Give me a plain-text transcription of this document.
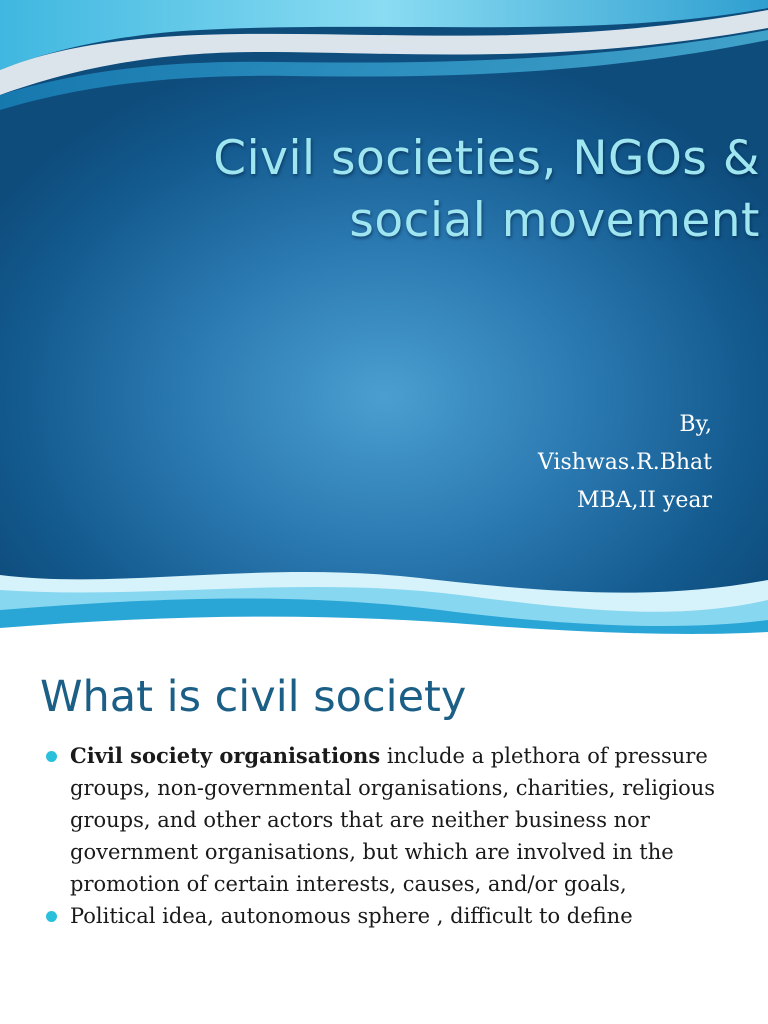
Civil societies, NGOs &
social movement
By,
Vishwas.R.Bhat
MBA,II year
What is civil society
Civil society organisations include a plethora of pressure groups, non-governmental organisations, charities, religious groups, and other actors that are neither business nor government organisations, but which are involved in the promotion of certain interests, causes, and/or goals,
Political idea, autonomous sphere , difficult to define
